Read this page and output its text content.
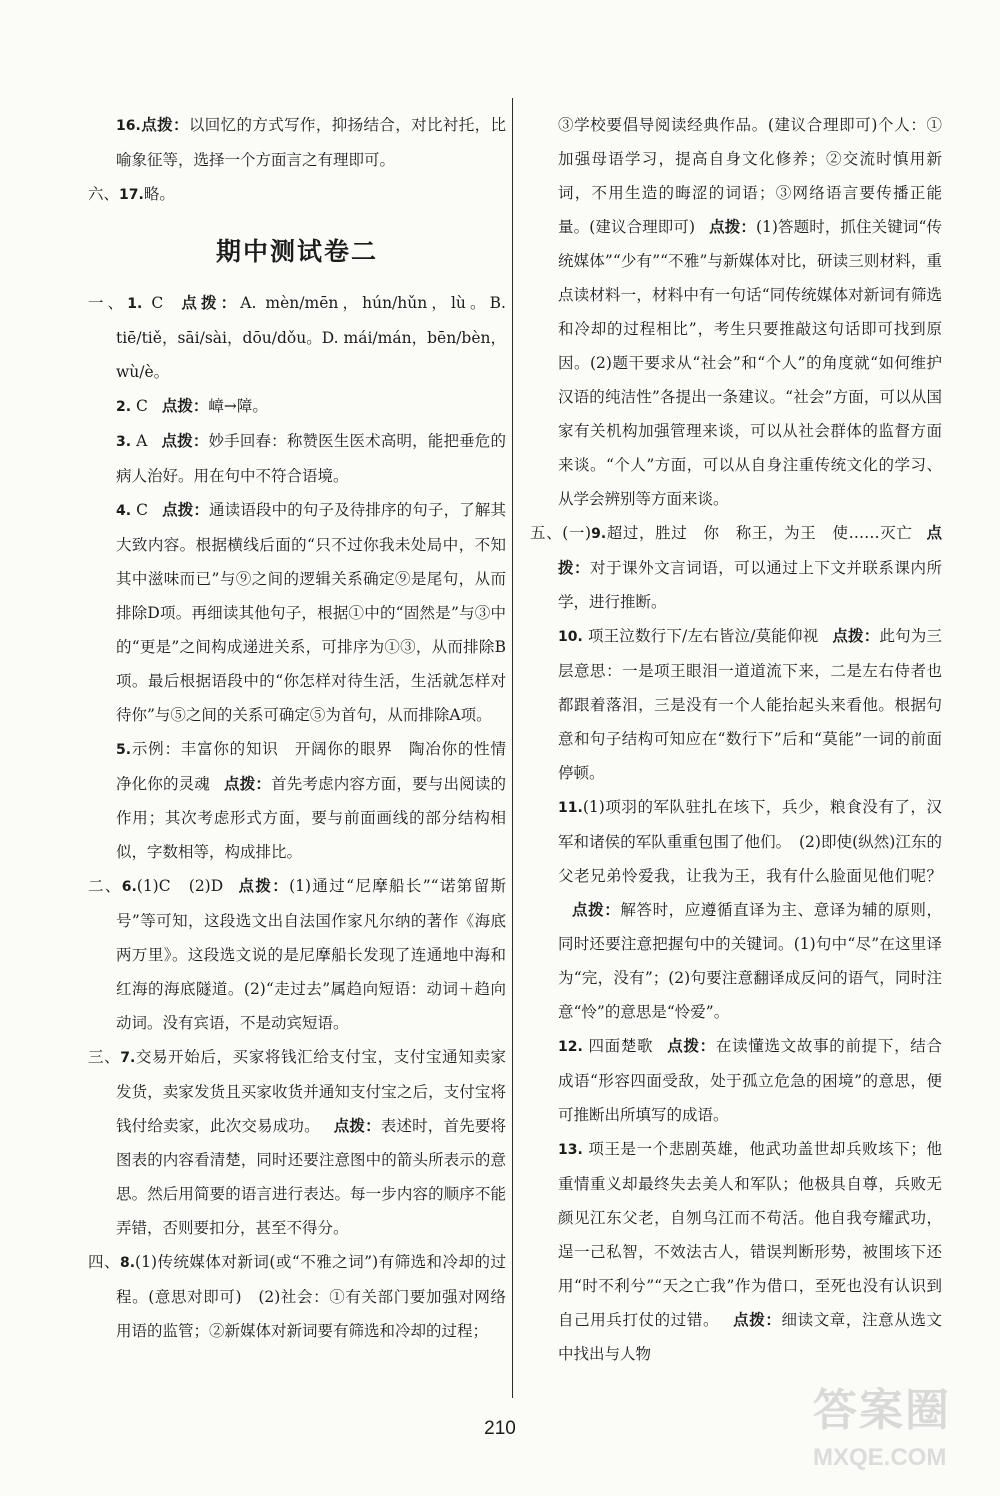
16.点拨：以回忆的方式写作，抑扬结合，对比衬托，比喻象征等，选择一个方面言之有理即可。

六、17.略。

期中测试卷二

一、1. C 点拨：A. mèn/mēn，hún/hǔn，lù。B. tiē/tiě，sāi/sài，dōu/dǒu。D. mái/mán，bēn/bèn，wù/è。

2. C 点拨：嶂→障。

3. A 点拨：妙手回春：称赞医生医术高明，能把垂危的病人治好。用在句中不符合语境。

4. C 点拨：通读语段中的句子及待排序的句子，了解其大致内容。根据横线后面的“只不过你我未处局中，不知其中滋味而已”与⑨之间的逻辑关系确定⑨是尾句，从而排除D项。再细读其他句子，根据①中的“固然是”与③中的“更是”之间构成递进关系，可排序为①③，从而排除B项。最后根据语段中的“你怎样对待生活，生活就怎样对待你”与⑤之间的关系可确定⑤为首句，从而排除A项。

5.示例：丰富你的知识　开阔你的眼界　陶冶你的性情　净化你的灵魂 点拨：首先考虑内容方面，要与出阅读的作用；其次考虑形式方面，要与前面画线的部分结构相似，字数相等，构成排比。

二、6.(1)C　(2)D 点拨：(1)通过“尼摩船长”“诺第留斯号”等可知，这段选文出自法国作家凡尔纳的著作《海底两万里》。这段选文说的是尼摩船长发现了连通地中海和红海的海底隧道。(2)“走过去”属趋向短语：动词＋趋向动词。没有宾语，不是动宾短语。

三、7.交易开始后，买家将钱汇给支付宝，支付宝通知卖家发货，卖家发货且买家收货并通知支付宝之后，支付宝将钱付给卖家，此次交易成功。 点拨：表述时，首先要将图表的内容看清楚，同时还要注意图中的箭头所表示的意思。然后用简要的语言进行表达。每一步内容的顺序不能弄错，否则要扣分，甚至不得分。

四、8.(1)传统媒体对新词(或“不雅之词”)有筛选和冷却的过程。(意思对即可)　(2)社会：①有关部门要加强对网络用语的监管；②新媒体对新词要有筛选和冷却的过程；

③学校要倡导阅读经典作品。(建议合理即可)个人：①加强母语学习，提高自身文化修养；②交流时慎用新词，不用生造的晦涩的词语；③网络语言要传播正能量。(建议合理即可) 点拨：(1)答题时，抓住关键词“传统媒体”“少有”“不雅”与新媒体对比，研读三则材料，重点读材料一，材料中有一句话“同传统媒体对新词有筛选和冷却的过程相比”，考生只要推敲这句话即可找到原因。(2)题干要求从“社会”和“个人”的角度就“如何维护汉语的纯洁性”各提出一条建议。“社会”方面，可以从国家有关机构加强管理来谈，可以从社会群体的监督方面来谈。“个人”方面，可以从自身注重传统文化的学习、从学会辨别等方面来谈。

五、(一)9.超过，胜过　你　称王，为王　使……灭亡 点拨：对于课外文言词语，可以通过上下文并联系课内所学，进行推断。

10. 项王泣数行下/左右皆泣/莫能仰视 点拨：此句为三层意思：一是项王眼泪一道道流下来，二是左右侍者也都跟着落泪，三是没有一个人能抬起头来看他。根据句意和句子结构可知应在“数行下”后和“莫能”一词的前面停顿。

11.(1)项羽的军队驻扎在垓下，兵少，粮食没有了，汉军和诸侯的军队重重包围了他们。　(2)即使(纵然)江东的父老兄弟怜爱我，让我为王，我有什么脸面见他们呢？点拨：解答时，应遵循直译为主、意译为辅的原则，同时还要注意把握句中的关键词。(1)句中“尽”在这里译为“完，没有”；(2)句要注意翻译成反问的语气，同时注意“怜”的意思是“怜爱”。

12. 四面楚歌 点拨：在读懂选文故事的前提下，结合成语“形容四面受敌，处于孤立危急的困境”的意思，便可推断出所填写的成语。

13. 项王是一个悲剧英雄，他武功盖世却兵败垓下；他重情重义却最终失去美人和军队；他极具自尊，兵败无颜见江东父老，自刎乌江而不苟活。他自我夸耀武功，逞一己私智，不效法古人，错误判断形势，被围垓下还用“时不利兮”“天之亡我”作为借口，至死也没有认识到自己用兵打仗的过错。 点拨：细读文章，注意从选文中找出与人物

210	答案圈
MXQE.COM
